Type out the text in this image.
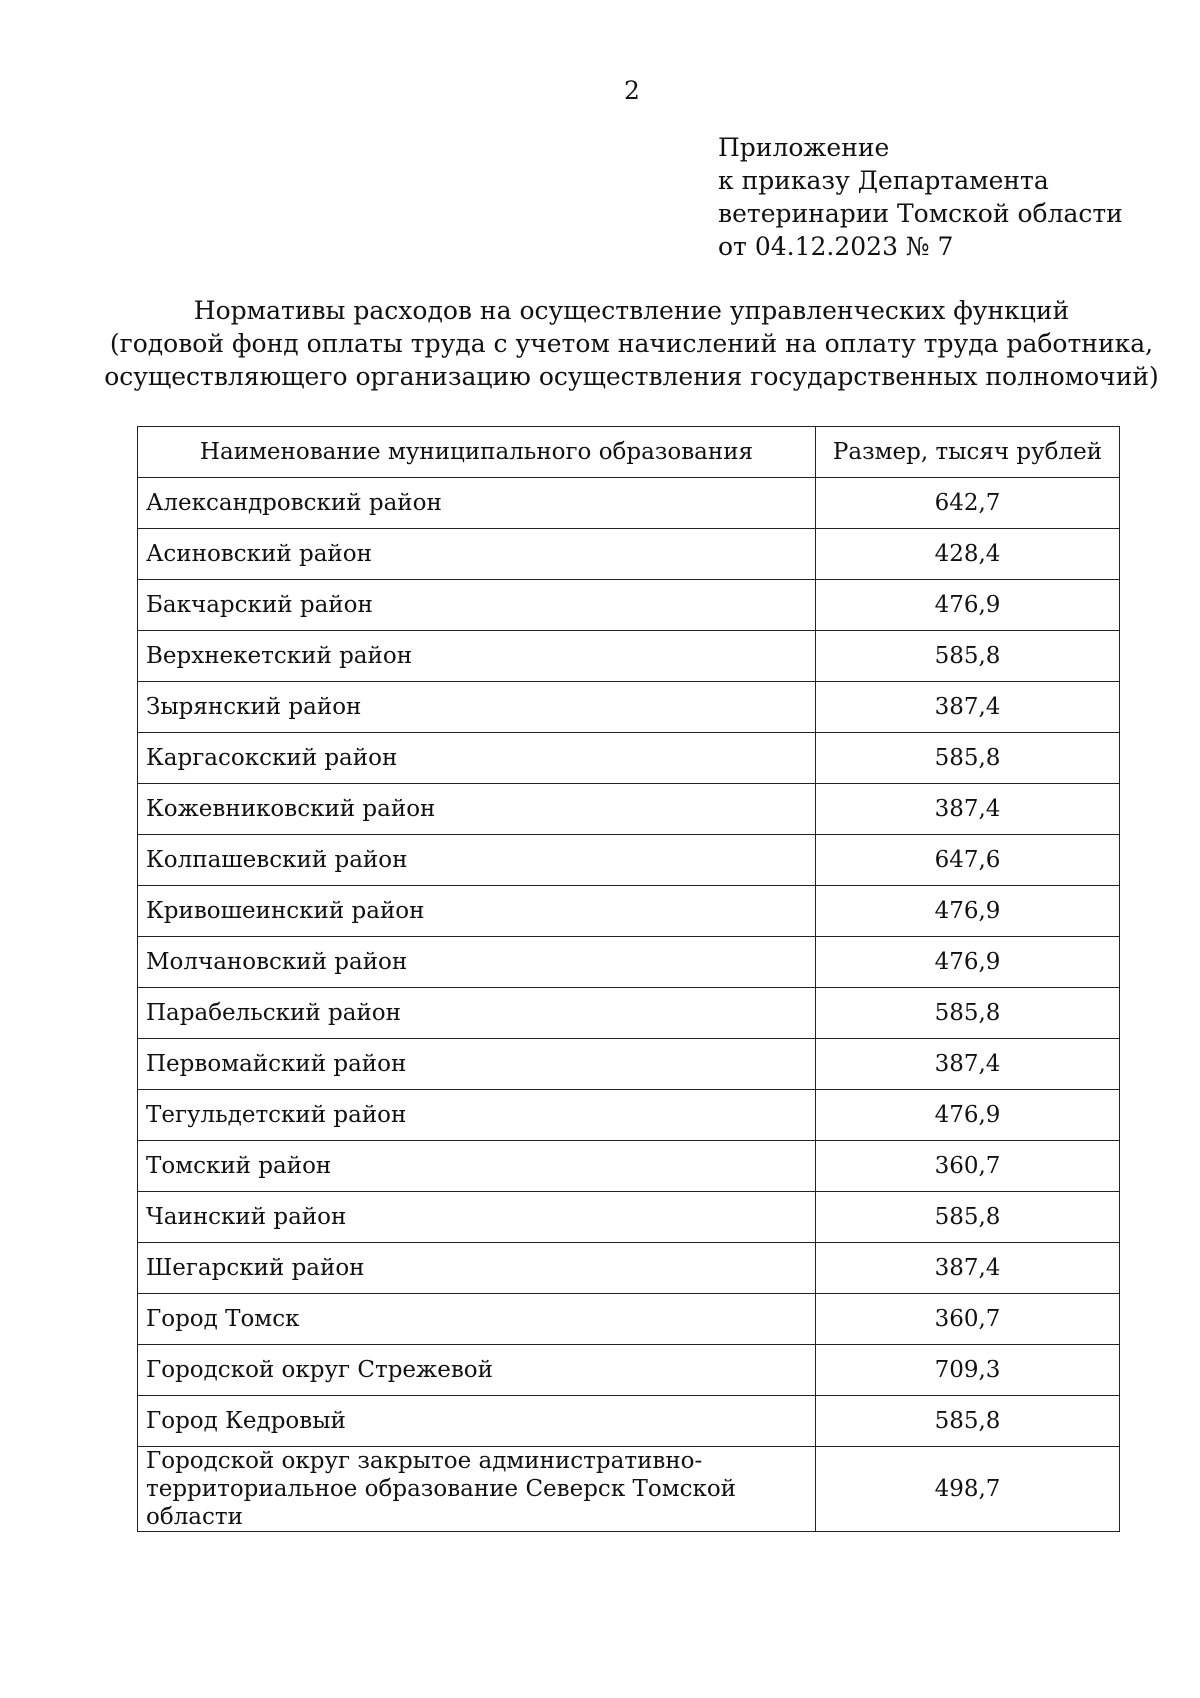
2
Приложение
к приказу Департамента
ветеринарии Томской области
от 04.12.2023 № 7
Нормативы расходов на осуществление управленческих функций
(годовой фонд оплаты труда с учетом начислений на оплату труда работника,
осуществляющего организацию осуществления государственных полномочий)
Наименование муниципального образования	Размер, тысяч рублей
Александровский район	642,7
Асиновский район	428,4
Бакчарский район	476,9
Верхнекетский район	585,8
Зырянский район	387,4
Каргасокский район	585,8
Кожевниковский район	387,4
Колпашевский район	647,6
Кривошеинский район	476,9
Молчановский район	476,9
Парабельский район	585,8
Первомайский район	387,4
Тегульдетский район	476,9
Томский район	360,7
Чаинский район	585,8
Шегарский район	387,4
Город Томск	360,7
Городской округ Стрежевой	709,3
Город Кедровый	585,8
Городской округ закрытое административно-территориальное образование Северск Томской области	498,7
